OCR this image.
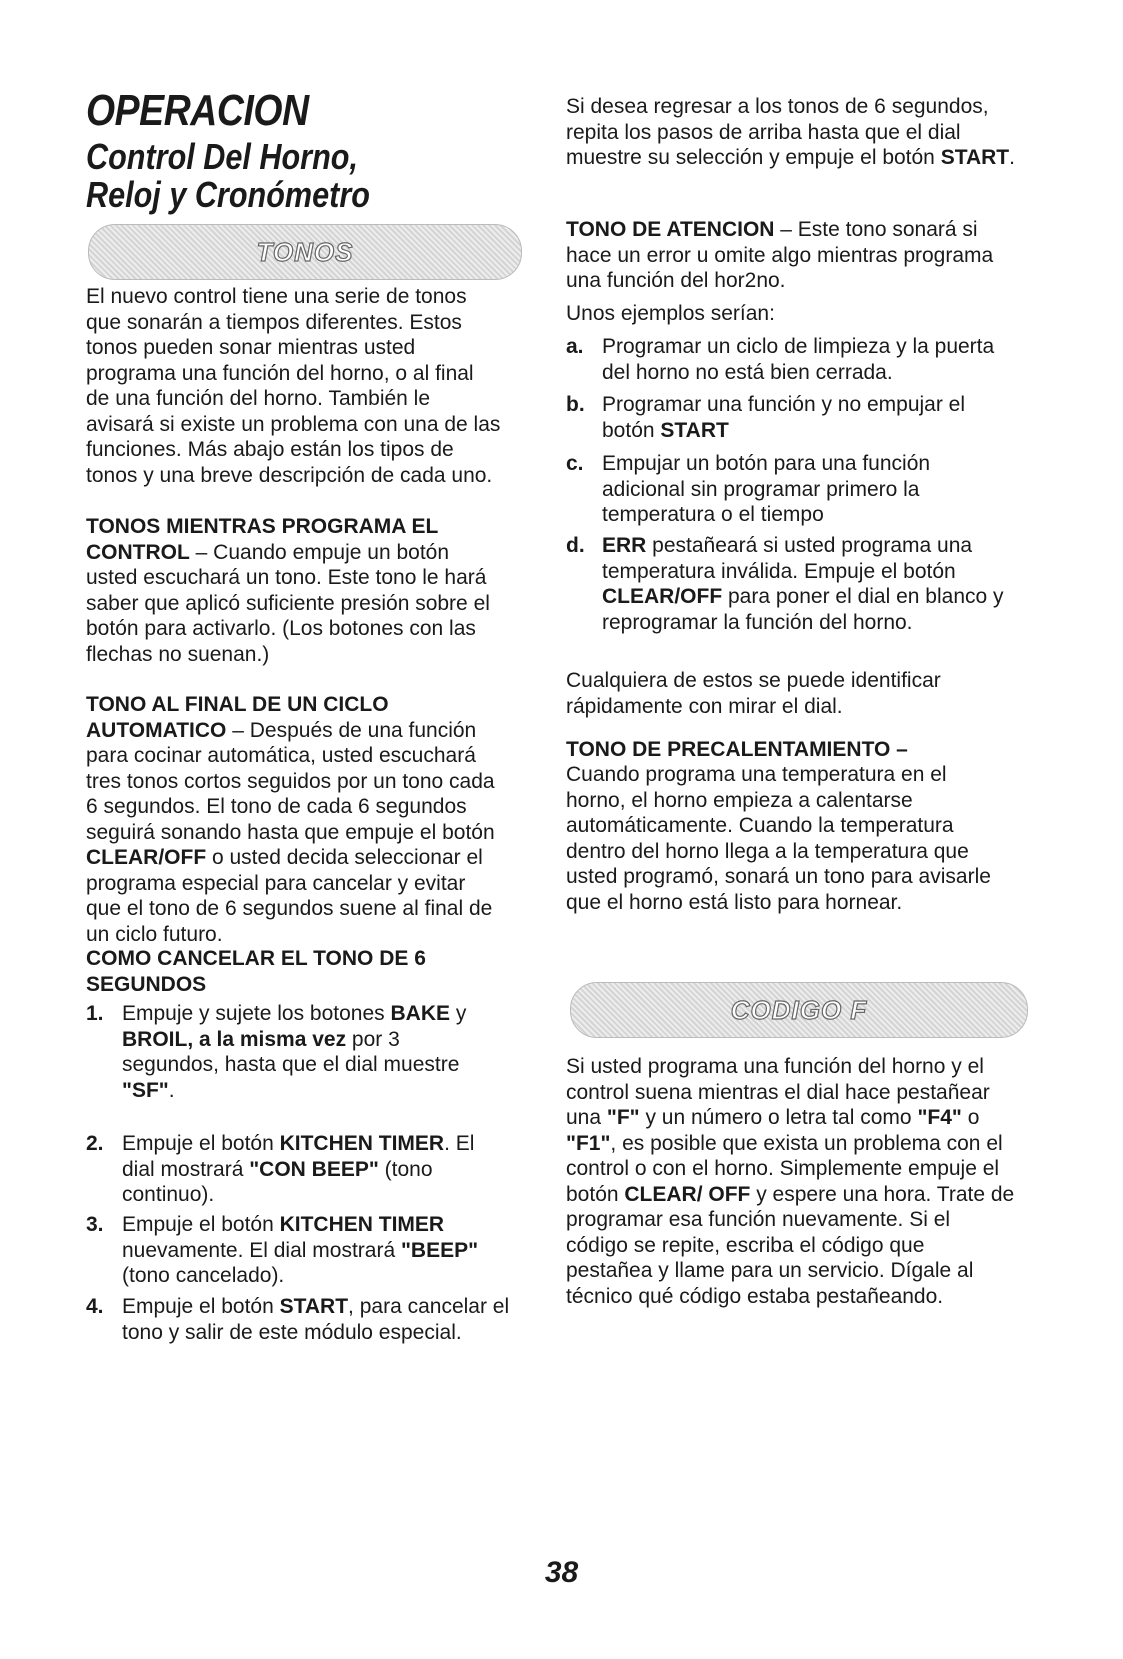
OPERACION
Control Del Horno,
Reloj y Cronómetro
TONOS

El nuevo control tiene una serie de tonos que sonarán a tiempos diferentes. Estos tonos pueden sonar mientras usted programa una función del horno, o al final de una función del horno. También le avisará si existe un problema con una de las funciones. Más abajo están los tipos de tonos y una breve descripción de cada uno.

TONOS MIENTRAS PROGRAMA EL CONTROL – Cuando empuje un botón usted escuchará un tono. Este tono le hará saber que aplicó suficiente presión sobre el botón para activarlo. (Los botones con las flechas no suenan.)

TONO AL FINAL DE UN CICLO AUTOMATICO – Después de una función para cocinar automática, usted escuchará tres tonos cortos seguidos por un tono cada 6 segundos. El tono de cada 6 segundos seguirá sonando hasta que empuje el botón CLEAR/OFF o usted decida seleccionar el programa especial para cancelar y evitar que el tono de 6 segundos suene al final de un ciclo futuro.

COMO CANCELAR EL TONO DE 6 SEGUNDOS

1. Empuje y sujete los botones BAKE y BROIL, a la misma vez por 3 segundos, hasta que el dial muestre "SF".
2. Empuje el botón KITCHEN TIMER. El dial mostrará "CON BEEP" (tono continuo).
3. Empuje el botón KITCHEN TIMER nuevamente. El dial mostrará "BEEP" (tono cancelado).
4. Empuje el botón START, para cancelar el tono y salir de este módulo especial.

Si desea regresar a los tonos de 6 segundos, repita los pasos de arriba hasta que el dial muestre su selección y empuje el botón START.

TONO DE ATENCION – Este tono sonará si hace un error u omite algo mientras programa una función del hor2no.

Unos ejemplos serían:

a. Programar un ciclo de limpieza y la puerta del horno no está bien cerrada.
b. Programar una función y no empujar el botón START
c. Empujar un botón para una función adicional sin programar primero la temperatura o el tiempo
d. ERR pestañeará si usted programa una temperatura inválida. Empuje el botón CLEAR/OFF para poner el dial en blanco y reprogramar la función del horno.

Cualquiera de estos se puede identificar rápidamente con mirar el dial.

TONO DE PRECALENTAMIENTO –

Cuando programa una temperatura en el horno, el horno empieza a calentarse automáticamente. Cuando la temperatura dentro del horno llega a la temperatura que usted programó, sonará un tono para avisarle que el horno está listo para hornear.

CODIGO F

Si usted programa una función del horno y el control suena mientras el dial hace pestañear una "F" y un número o letra tal como "F4" o "F1", es posible que exista un problema con el control o con el horno. Simplemente empuje el botón CLEAR/ OFF y espere una hora. Trate de programar esa función nuevamente. Si el código se repite, escriba el código que pestañea y llame para un servicio. Dígale al técnico qué código estaba pestañeando.

38
